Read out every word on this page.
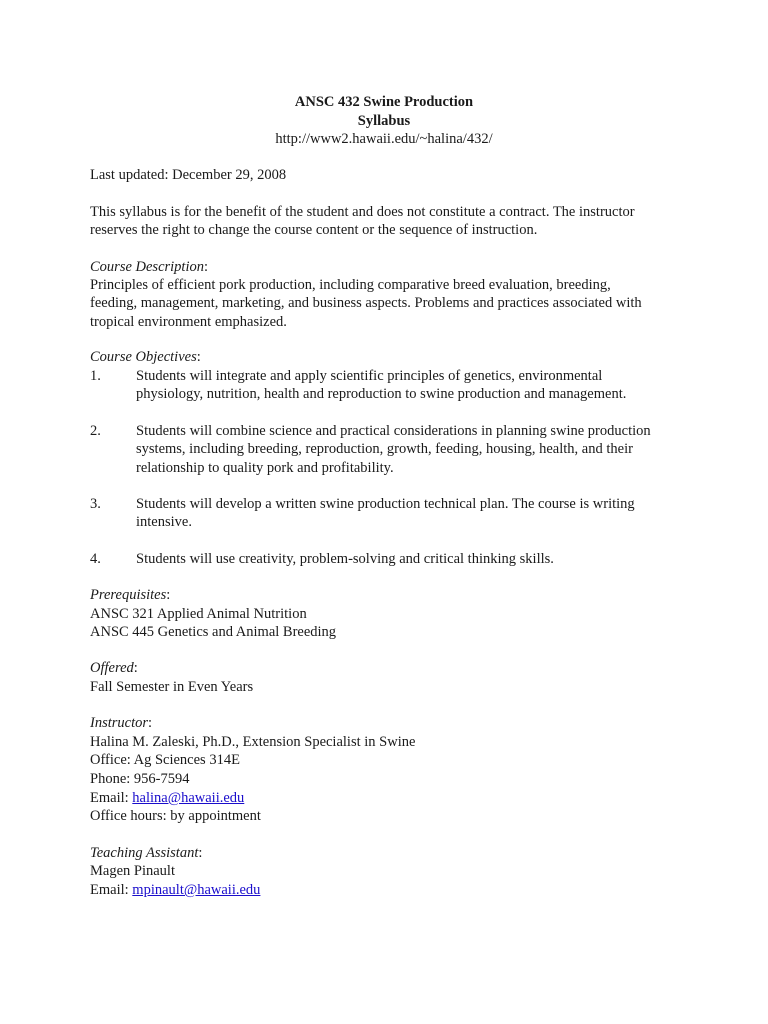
ANSC 432 Swine Production
Syllabus
http://www2.hawaii.edu/~halina/432/
Last updated: December 29, 2008
This syllabus is for the benefit of the student and does not constitute a contract. The instructor
reserves the right to change the course content or the sequence of instruction.
Course Description:
Principles of efficient pork production, including comparative breed evaluation, breeding,
feeding, management, marketing, and business aspects. Problems and practices associated with
tropical environment emphasized.
Course Objectives:
1. Students will integrate and apply scientific principles of genetics, environmental
physiology, nutrition, health and reproduction to swine production and management.
2. Students will combine science and practical considerations in planning swine production
systems, including breeding, reproduction, growth, feeding, housing, health, and their
relationship to quality pork and profitability.
3. Students will develop a written swine production technical plan. The course is writing
intensive.
4. Students will use creativity, problem-solving and critical thinking skills.
Prerequisites:
ANSC 321 Applied Animal Nutrition
ANSC 445 Genetics and Animal Breeding
Offered:
Fall Semester in Even Years
Instructor:
Halina M. Zaleski, Ph.D., Extension Specialist in Swine
Office: Ag Sciences 314E
Phone: 956-7594
Email: halina@hawaii.edu
Office hours: by appointment
Teaching Assistant:
Magen Pinault
Email: mpinault@hawaii.edu
